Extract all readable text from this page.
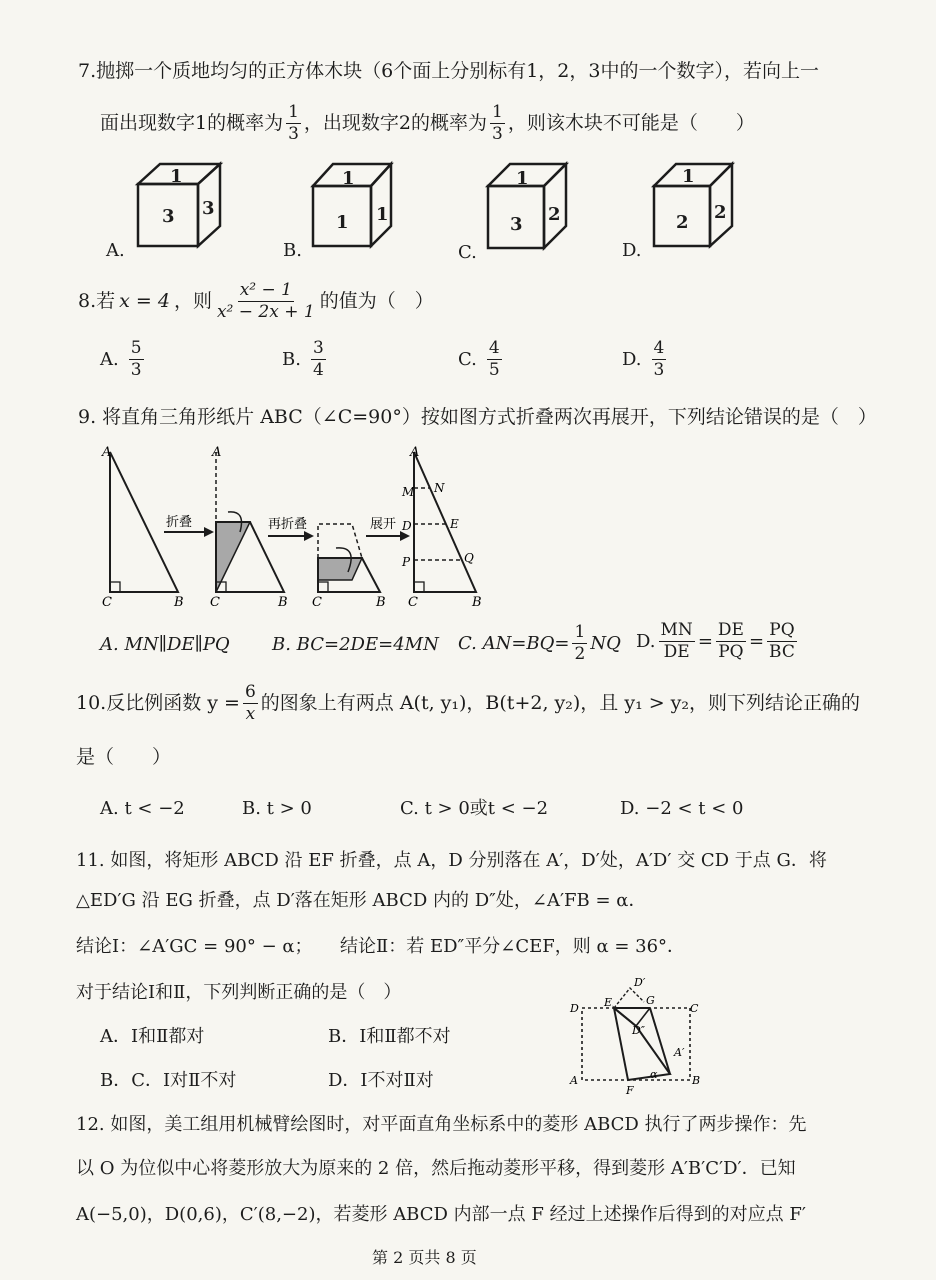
7.抛掷一个质地均匀的正方体木块（6个面上分别标有1，2，3中的一个数字），若向上一
面出现数字1的概率为 $\frac{1}{3}$ ，出现数字2的概率为 $\frac{1}{3}$ ，则该木块不可能是（　　）
A.
1
3 3
B.
1
1 1
C.
1
3 2
D.
1
2 2
8.若 x = 4 ，则 $\frac{\text{x² − 1}}{\text{x² − 2x + 1}}$ 的值为（　）
A. $\frac{5}{3}$	B. $\frac{3}{4}$	C. $\frac{4}{5}$	D. $\frac{4}{3}$
9. 将直角三角形纸片 ABC（∠C=90°）按如图方式折叠两次再展开，下列结论错误的是（　）
A
C	B
折叠
A
C	B
再折叠
C	B
展开
A
M N
D	E
P	Q
C	B
A. MN∥DE∥PQ B. BC=2DE=4MN C. $AN=BQ= \frac{1}{2}$ NQ D. $\frac{MN}{DE} = \frac{DE}{PQ} = \frac{PQ}{BC}$
10.反比例函数 $y = \frac{6}{x}$ 的图象上有两点 A(t, y₁)，B(t+2, y₂)，且 y₁ > y₂，则下列结论正确的
是（　　）
A. t < −2	B. t > 0	C. t > 0或t < −2	D. −2 < t < 0
11. 如图，将矩形 ABCD 沿 EF 折叠，点 A，D 分别落在 A′，D′处，A′D′ 交 CD 于点 G．将
△ED′G 沿 EG 折叠，点 D′落在矩形 ABCD 内的 D″处，∠A′FB = α．
结论Ⅰ：∠A′GC = 90° − α； 结论Ⅱ：若 ED″平分∠CEF，则 α = 36°．
对于结论Ⅰ和Ⅱ，下列判断正确的是（　）
A．Ⅰ和Ⅱ都对	B．Ⅰ和Ⅱ都不对
B．C．Ⅰ对Ⅱ不对	D．Ⅰ不对Ⅱ对
D E
D′
G
C
D″
A′
α
A
F
B
12. 如图，美工组用机械臂绘图时，对平面直角坐标系中的菱形 ABCD 执行了两步操作：先
以 O 为位似中心将菱形放大为原来的 2 倍，然后拖动菱形平移，得到菱形 A′B′C′D′．已知
A(−5,0)，D(0,6)，C′(8,−2)，若菱形 ABCD 内部一点 F 经过上述操作后得到的对应点 F′
第 2 页共 8 页
